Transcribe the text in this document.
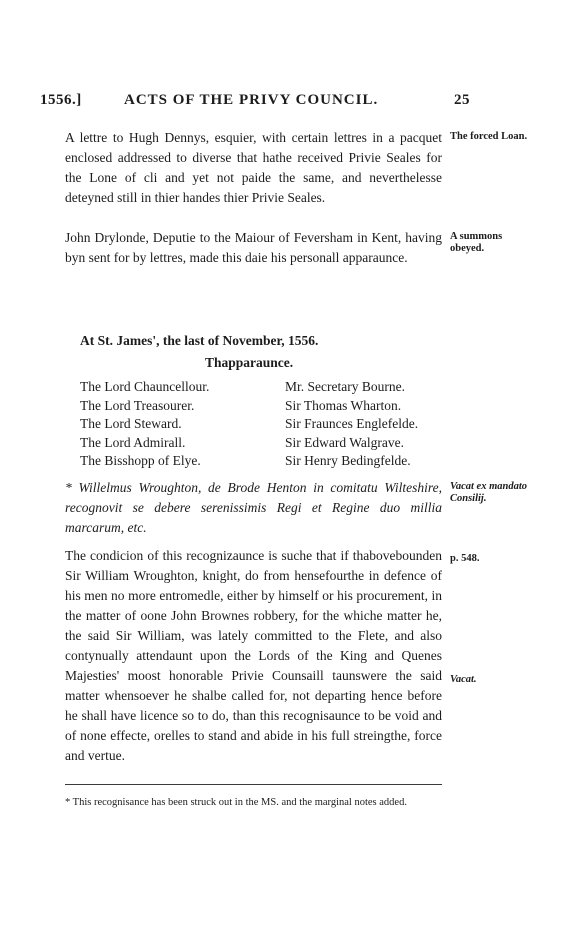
1556.]	ACTS OF THE PRIVY COUNCIL.	25

A lettre to Hugh Dennys, esquier, with certain lettres in a pacquet enclosed addressed to diverse that hathe received Privie Seales for the Lone of cli and yet not paide the same, and neverthelesse deteyned still in thier handes thier Privie Seales.

The forced Loan.

John Drylonde, Deputie to the Maiour of Feversham in Kent, having byn sent for by lettres, made this daie his personall apparaunce.

A summons obeyed.
At St. James', the last of November, 1556.
Thapparaunce.
The Lord Chauncellour.
The Lord Treasourer.
The Lord Steward.
The Lord Admirall.
The Bisshopp of Elye.
Mr. Secretary Bourne.
Sir Thomas Wharton.
Sir Fraunces Englefelde.
Sir Edward Walgrave.
Sir Henry Bedingfelde.

* Willelmus Wroughton, de Brode Henton in comitatu Wilteshire, recognovit se debere serenissimis Regi et Regine duo millia marcarum, etc.

Vacat ex mandato Consilij.

The condicion of this recognizaunce is suche that if thabovebounden Sir William Wroughton, knight, do from hensefourthe in defence of his men no more entromedle, either by himself or his procurement, in the matter of oone John Brownes robbery, for the whiche matter he, the said Sir William, was lately committed to the Flete, and also contynually attendaunt upon the Lords of the King and Quenes Majesties' moost honorable Privie Counsaill taunswere the said matter whensoever he shalbe called for, not departing hence before he shall have licence so to do, than this recognisaunce to be void and of none effecte, orelles to stand and abide in his full streingthe, force and vertue.

p. 548.
Vacat.

* This recognisance has been struck out in the MS. and the marginal notes added.
